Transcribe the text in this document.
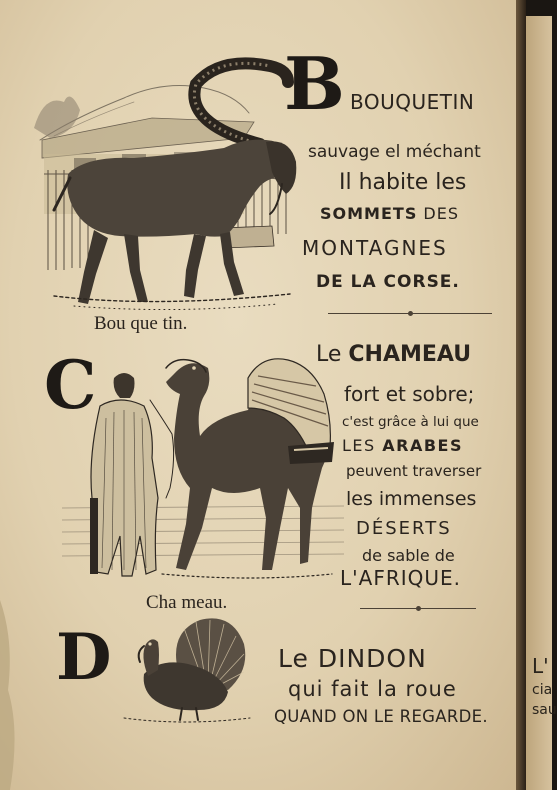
B BOUQUETIN
sauvage el méchant
Il habite les
SOMMETS DES
MONTAGNES
DE LA CORSE.
Bou que tin.
C	Le CHAMEAU
fort et sobre;
c'est grâce à lui que
LES ARABES
peuvent traverser
les immenses
DÉSERTS
de sable de
L'AFRIQUE.
Cha meau.
D	Le DINDON
qui fait la roue
QUAND ON LE REGARDE.
L'
cia
sau
